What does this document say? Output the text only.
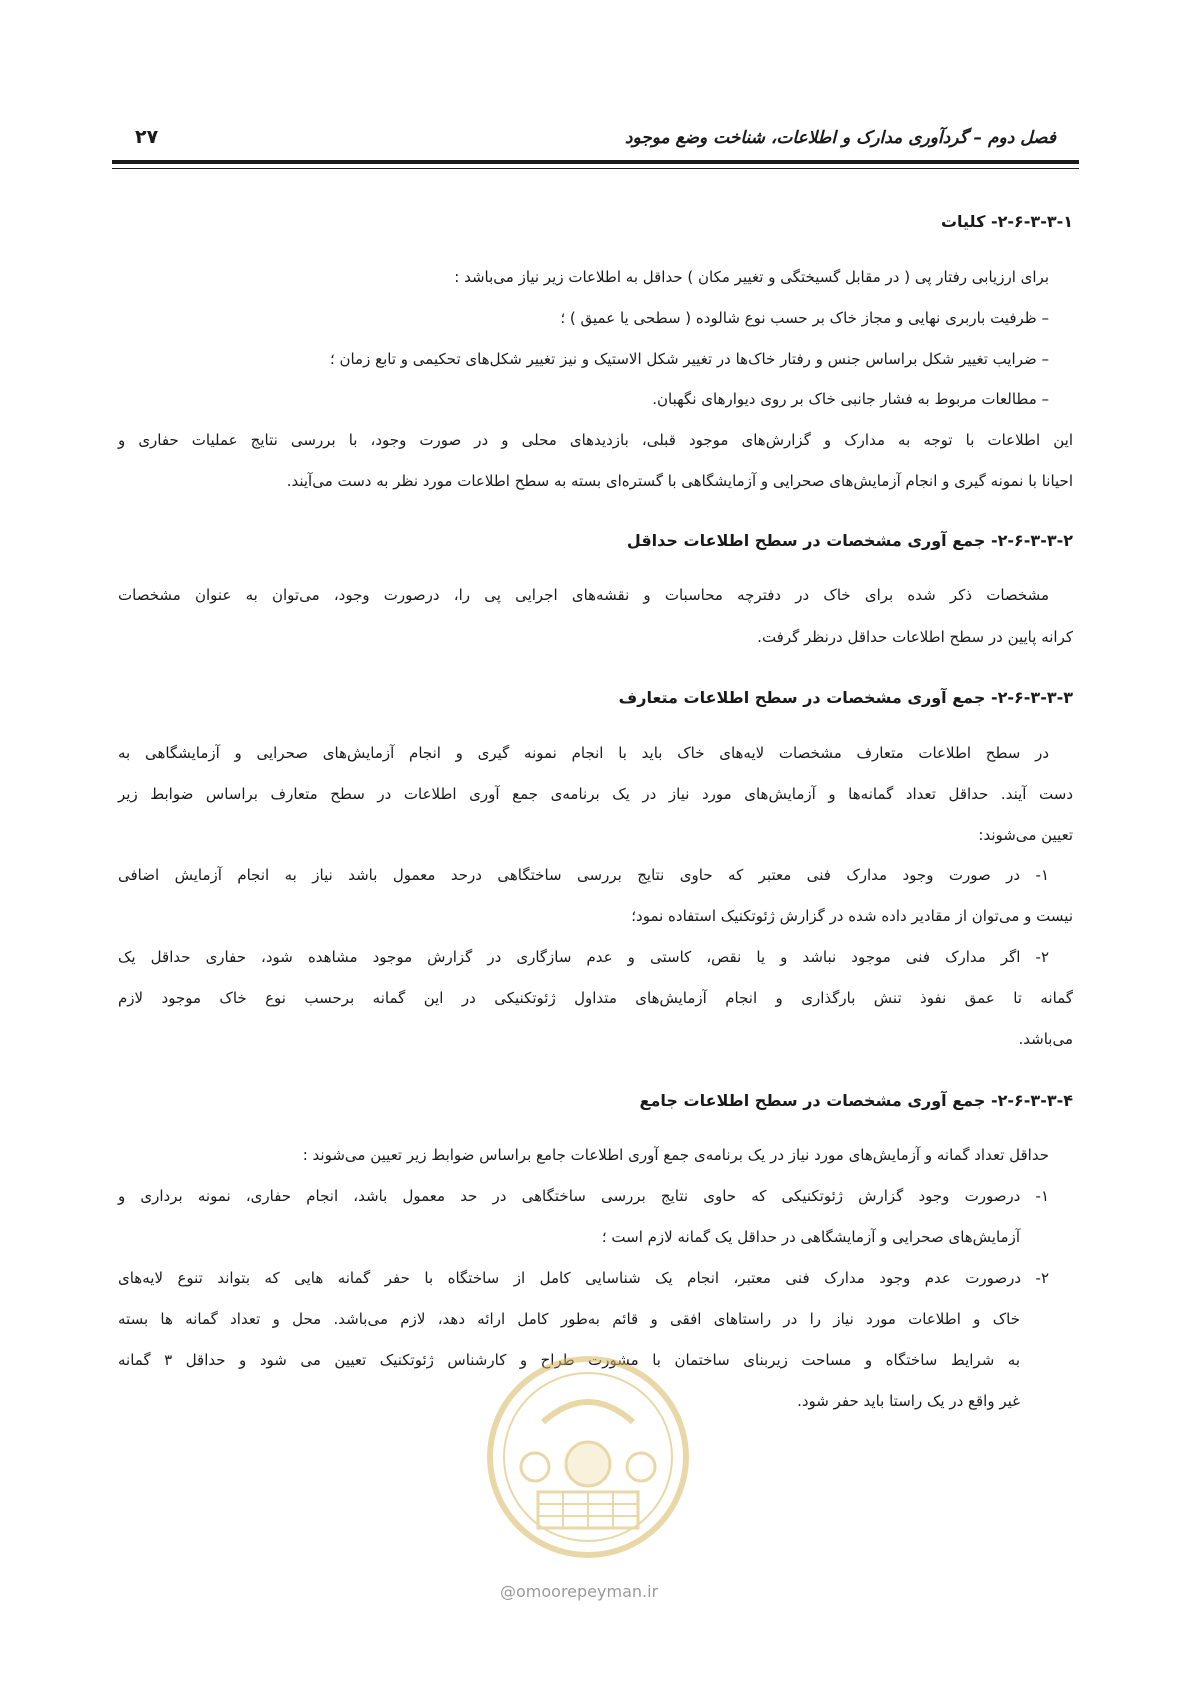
فصل دوم – گردآوری مدارک و اطلاعات، شناخت وضع موجود
۲۷
۲-۶-۳-۳-۱- کلیات
برای ارزیابی رفتار پی ( در مقابل گسیختگی و تغییر مکان ) حداقل به اطلاعات زیر نیاز می‌باشد :
– ظرفیت باربری نهایی و مجاز خاک بر حسب نوع شالوده ( سطحی یا عمیق ) ؛
– ضرایب تغییر شکل براساس جنس و رفتار خاک‌ها در تغییر شکل الاستیک و نیز تغییر شکل‌های تحکیمی و تابع زمان ؛
– مطالعات مربوط به فشار جانبی خاک بر روی دیوارهای نگهبان.
این اطلاعات با توجه به مدارک و گزارش‌های موجود قبلی، بازدیدهای محلی و در صورت وجود، با بررسی نتایج عملیات حفاری و
احیانا با نمونه گیری و انجام آزمایش‌های صحرایی و آزمایشگاهی با گستره‌ای بسته به سطح اطلاعات مورد نظر به دست می‌آیند.
۲-۶-۳-۳-۲- جمع آوری مشخصات در سطح اطلاعات حداقل
مشخصات ذکر شده برای خاک در دفترچه محاسبات و نقشه‌های اجرایی پی را، درصورت وجود، می‌توان به عنوان مشخصات
کرانه پایین در سطح اطلاعات حداقل درنظر گرفت.
۲-۶-۳-۳-۳- جمع آوری مشخصات در سطح اطلاعات متعارف
در سطح اطلاعات متعارف مشخصات لایه‌های خاک باید با انجام نمونه گیری و انجام آزمایش‌های صحرایی و آزمایشگاهی به
دست آیند. حداقل تعداد گمانه‌ها و آزمایش‌های مورد نیاز در یک برنامه‌ی جمع آوری اطلاعات در سطح متعارف براساس ضوابط زیر
تعیین می‌شوند:
۱- در صورت وجود مدارک فنی معتبر که حاوی نتایج بررسی ساختگاهی درحد معمول باشد نیاز به انجام آزمایش اضافی
نیست و می‌توان از مقادیر داده شده در گزارش ژئوتکنیک استفاده نمود؛
۲- اگر مدارک فنی موجود نباشد و یا نقص، کاستی و عدم سازگاری در گزارش موجود مشاهده شود، حفاری حداقل یک
گمانه تا عمق نفوذ تنش بارگذاری و انجام آزمایش‌های متداول ژئوتکنیکی در این گمانه برحسب نوع خاک موجود لازم
می‌باشد.
۲-۶-۳-۳-۴- جمع آوری مشخصات در سطح اطلاعات جامع
حداقل تعداد گمانه و آزمایش‌های مورد نیاز در یک برنامه‌ی جمع آوری اطلاعات جامع براساس ضوابط زیر تعیین می‌شوند :
۱- درصورت وجود گزارش ژئوتکنیکی که حاوی نتایج بررسی ساختگاهی در حد معمول باشد، انجام حفاری، نمونه برداری و
آزمایش‌های صحرایی و آزمایشگاهی در حداقل یک گمانه لازم است ؛
۲- درصورت عدم وجود مدارک فنی معتبر، انجام یک شناسایی کامل از ساختگاه با حفر گمانه هایی که بتواند تنوع لایه‌های
خاک و اطلاعات مورد نیاز را در راستاهای افقی و قائم به‌طور کامل ارائه دهد، لازم می‌باشد. محل و تعداد گمانه ها بسته
به شرایط ساختگاه و مساحت زیربنای ساختمان با مشورت طراح و کارشناس ژئوتکنیک تعیین می شود و حداقل ۳ گمانه
غیر واقع در یک راستا باید حفر شود.
@omoorepeyman.ir
